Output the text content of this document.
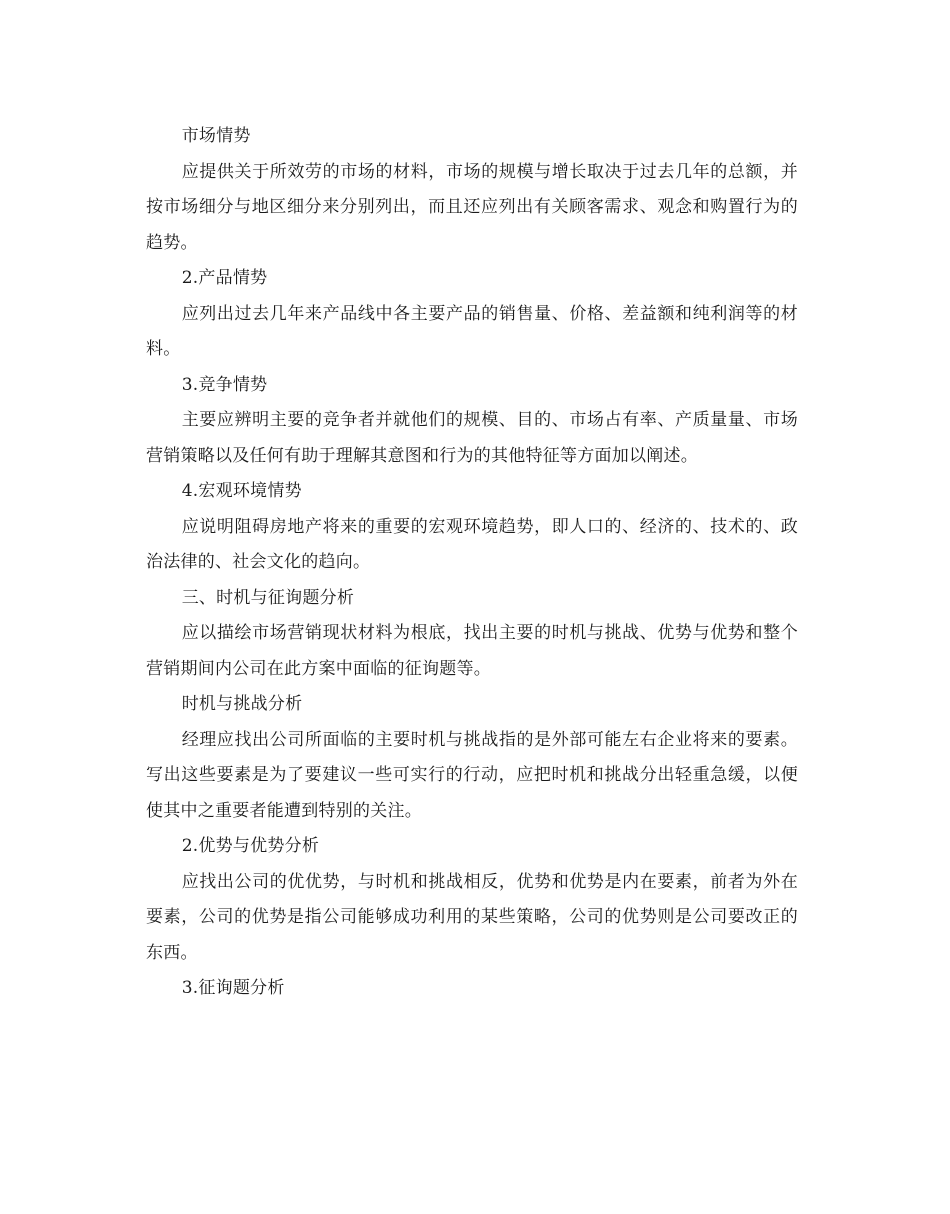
市场情势

应提供关于所效劳的市场的材料，市场的规模与增长取决于过去几年的总额，并按市场细分与地区细分来分别列出，而且还应列出有关顾客需求、观念和购置行为的趋势。

2.产品情势

应列出过去几年来产品线中各主要产品的销售量、价格、差益额和纯利润等的材料。

3.竞争情势

主要应辨明主要的竞争者并就他们的规模、目的、市场占有率、产质量量、市场营销策略以及任何有助于理解其意图和行为的其他特征等方面加以阐述。

4.宏观环境情势

应说明阻碍房地产将来的重要的宏观环境趋势，即人口的、经济的、技术的、政治法律的、社会文化的趋向。

三、时机与征询题分析

应以描绘市场营销现状材料为根底，找出主要的时机与挑战、优势与优势和整个营销期间内公司在此方案中面临的征询题等。

时机与挑战分析

经理应找出公司所面临的主要时机与挑战指的是外部可能左右企业将来的要素。写出这些要素是为了要建议一些可实行的行动，应把时机和挑战分出轻重急缓，以便使其中之重要者能遭到特别的关注。

2.优势与优势分析

应找出公司的优优势，与时机和挑战相反，优势和优势是内在要素，前者为外在要素，公司的优势是指公司能够成功利用的某些策略，公司的优势则是公司要改正的东西。

3.征询题分析
